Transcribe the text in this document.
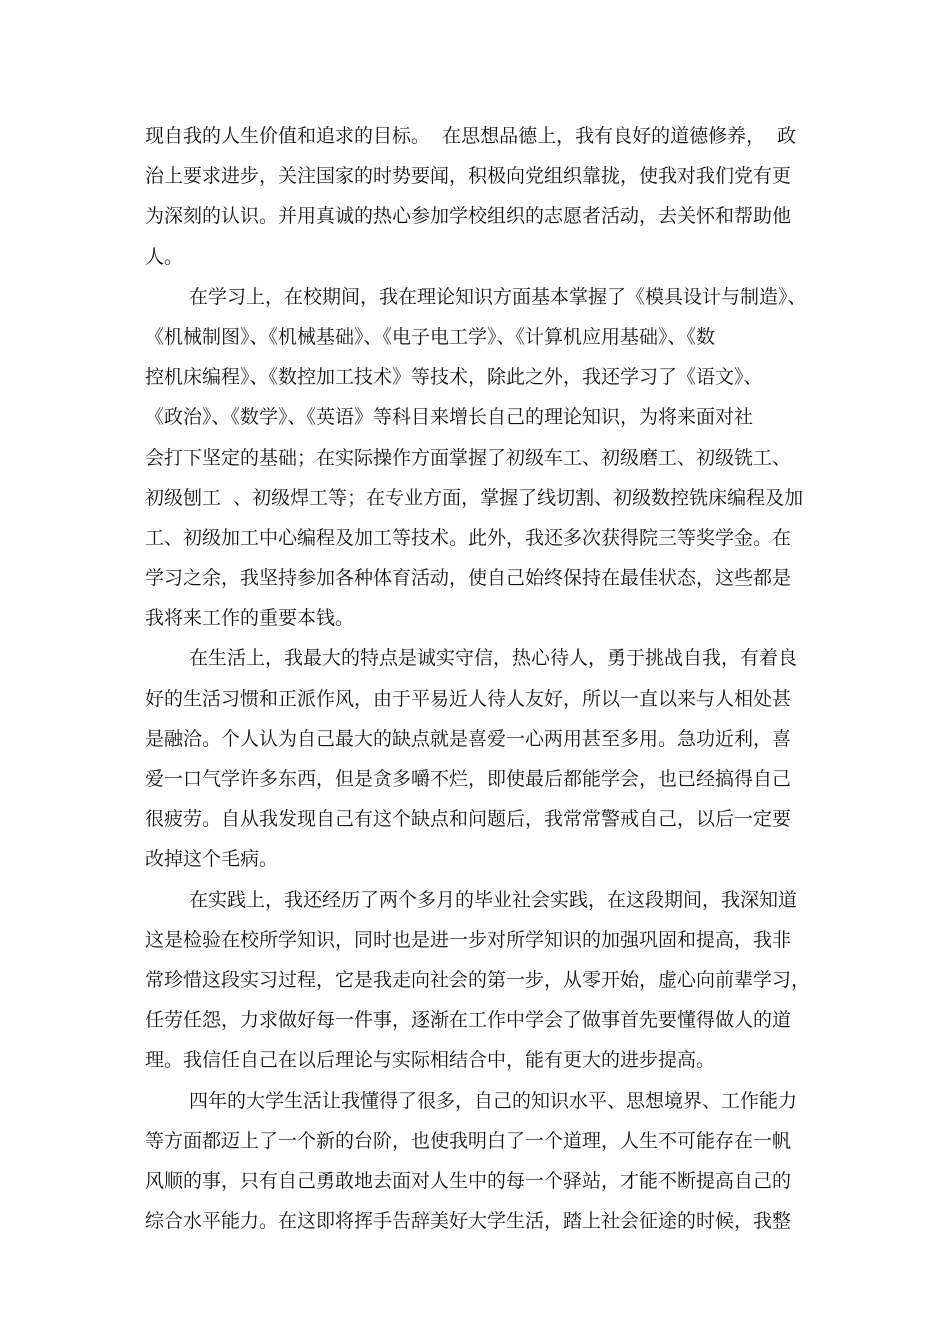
现自我的人生价值和追求的目标。  在思想品德上，我有良好的道德修养，  政
治上要求进步，关注国家的时势要闻，积极向党组织靠拢，使我对我们党有更
为深刻的认识。并用真诚的热心参加学校组织的志愿者活动，去关怀和帮助他
人。
在学习上，在校期间，我在理论知识方面基本掌握了《模具设计与制造》、
《机械制图》、《机械基础》、《电子电工学》、《计算机应用基础》、《数
控机床编程》、《数控加工技术》等技术，除此之外，我还学习了《语文》、
《政治》、《数学》、《英语》等科目来增长自己的理论知识，为将来面对社
会打下坚定的基础；在实际操作方面掌握了初级车工、初级磨工、初级铣工、
初级刨工  、初级焊工等；在专业方面，掌握了线切割、初级数控铣床编程及加
工、初级加工中心编程及加工等技术。此外，我还多次获得院三等奖学金。在
学习之余，我坚持参加各种体育活动，使自己始终保持在最佳状态，这些都是
我将来工作的重要本钱。
在生活上，我最大的特点是诚实守信，热心待人，勇于挑战自我，有着良
好的生活习惯和正派作风，由于平易近人待人友好，所以一直以来与人相处甚
是融洽。个人认为自己最大的缺点就是喜爱一心两用甚至多用。急功近利，喜
爱一口气学许多东西，但是贪多嚼不烂，即使最后都能学会，也已经搞得自己
很疲劳。自从我发现自己有这个缺点和问题后，我常常警戒自己，以后一定要
改掉这个毛病。
在实践上，我还经历了两个多月的毕业社会实践，在这段期间，我深知道
这是检验在校所学知识，同时也是进一步对所学知识的加强巩固和提高，我非
常珍惜这段实习过程，它是我走向社会的第一步，从零开始，虚心向前辈学习，
任劳任怨，力求做好每一件事，逐渐在工作中学会了做事首先要懂得做人的道
理。我信任自己在以后理论与实际相结合中，能有更大的进步提高。
四年的大学生活让我懂得了很多，自己的知识水平、思想境界、工作能力
等方面都迈上了一个新的台阶，也使我明白了一个道理，人生不可能存在一帆
风顺的事，只有自己勇敢地去面对人生中的每一个驿站，才能不断提高自己的
综合水平能力。在这即将挥手告辞美好大学生活，踏上社会征途的时候，我整
